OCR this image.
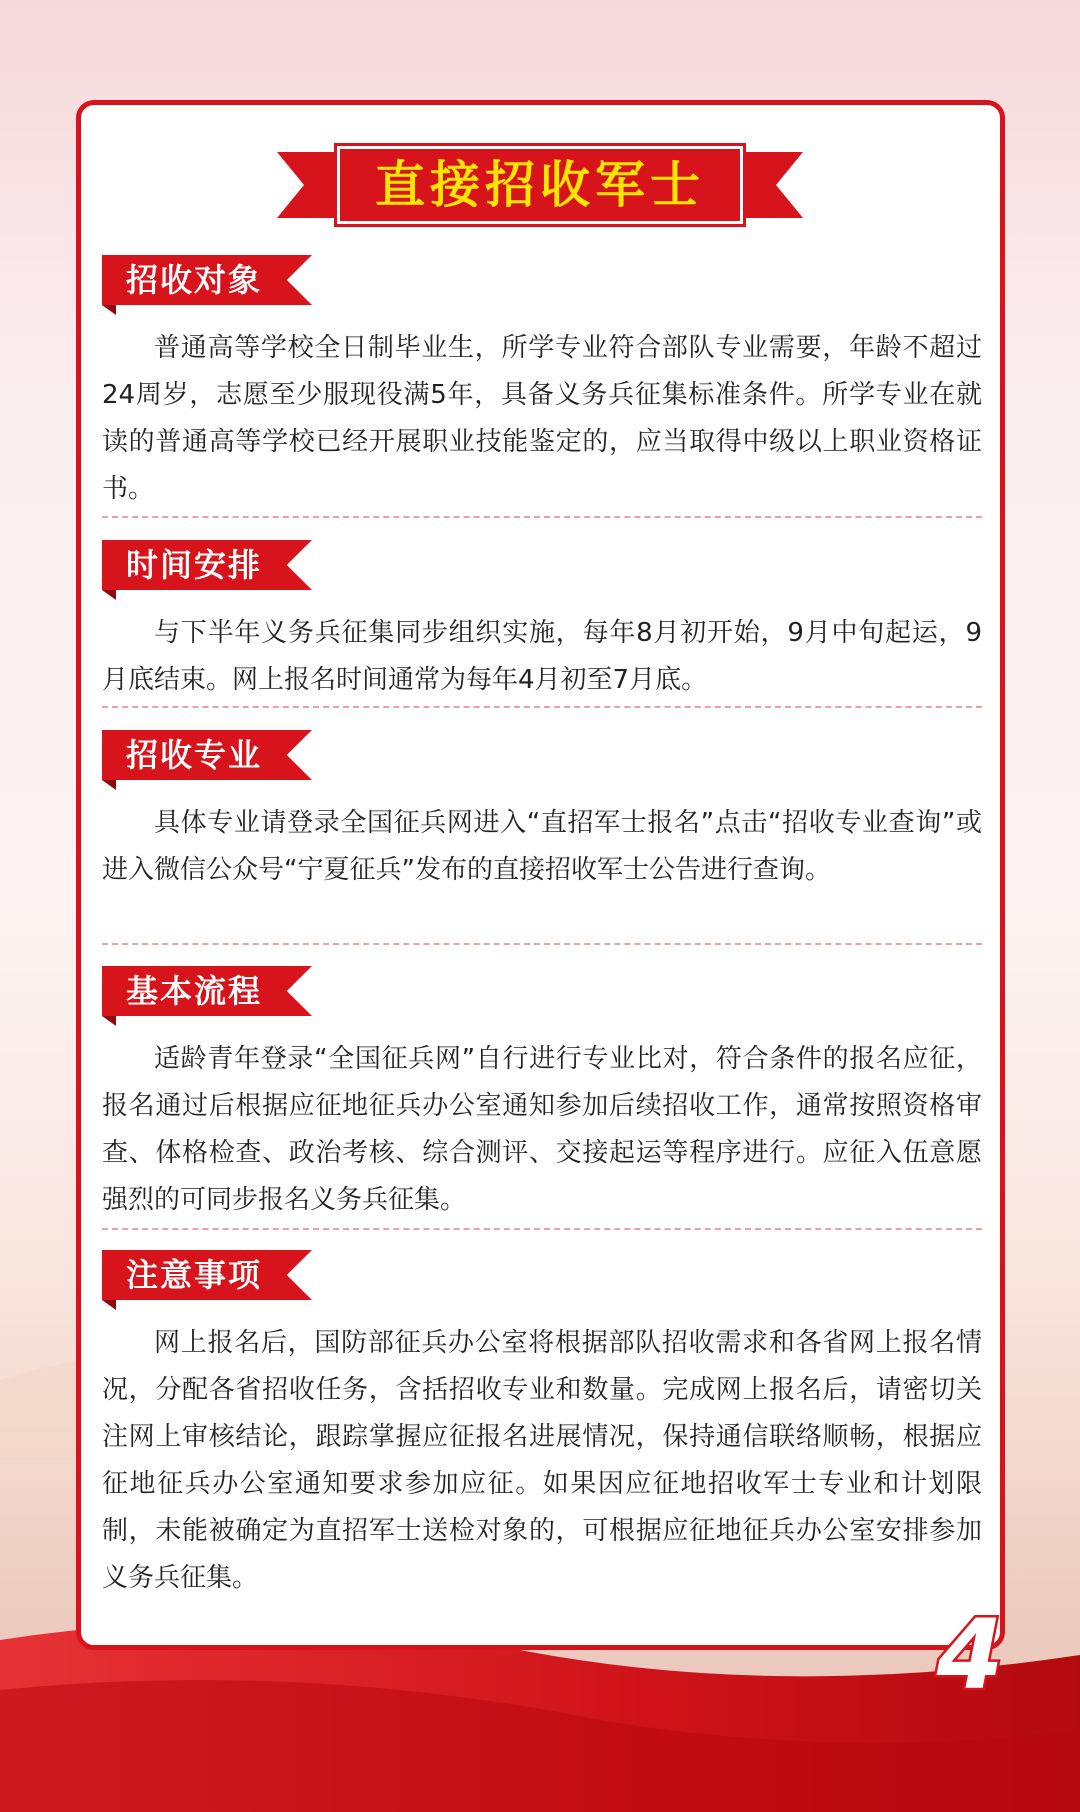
直接招收军士
招收对象
普通高等学校全日制毕业生，所学专业符合部队专业需要，年龄不超过24周岁，志愿至少服现役满5年，具备义务兵征集标准条件。所学专业在就读的普通高等学校已经开展职业技能鉴定的，应当取得中级以上职业资格证书。
时间安排
与下半年义务兵征集同步组织实施，每年8月初开始，9月中旬起运，9月底结束。网上报名时间通常为每年4月初至7月底。
招收专业
具体专业请登录全国征兵网进入“直招军士报名”点击“招收专业查询”或进入微信公众号“宁夏征兵”发布的直接招收军士公告进行查询。
基本流程
适龄青年登录“全国征兵网”自行进行专业比对，符合条件的报名应征，报名通过后根据应征地征兵办公室通知参加后续招收工作，通常按照资格审查、体格检查、政治考核、综合测评、交接起运等程序进行。应征入伍意愿强烈的可同步报名义务兵征集。
注意事项
网上报名后，国防部征兵办公室将根据部队招收需求和各省网上报名情况，分配各省招收任务，含括招收专业和数量。完成网上报名后，请密切关注网上审核结论，跟踪掌握应征报名进展情况，保持通信联络顺畅，根据应征地征兵办公室通知要求参加应征。如果因应征地招收军士专业和计划限制，未能被确定为直招军士送检对象的，可根据应征地征兵办公室安排参加义务兵征集。
4
